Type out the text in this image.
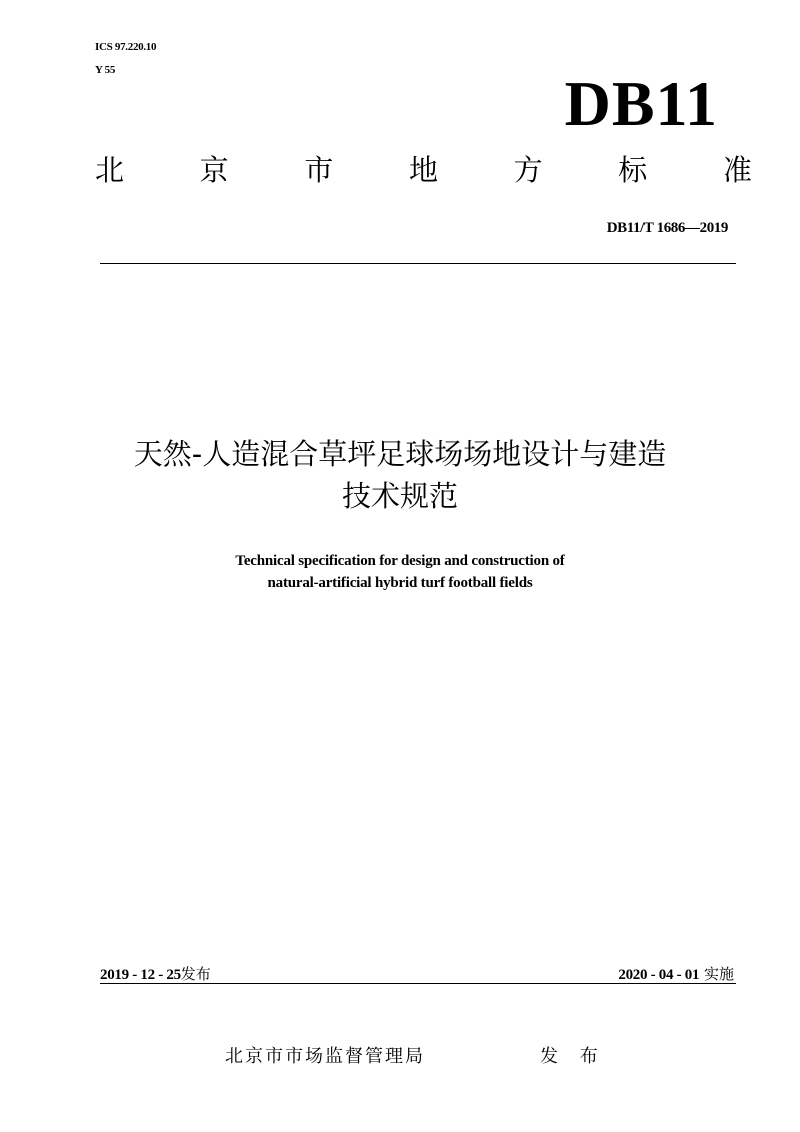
ICS 97.220.10
Y 55	DB11
北	京	市	地	方	标	准
DB11/T 1686—2019
天然-人造混合草坪足球场场地设计与建造
技术规范
Technical specification for design and construction of
natural-artificial hybrid turf football fields
2019 - 12 - 25发布	2020 - 04 - 01 实施
北京市市场监督管理局	发 布
